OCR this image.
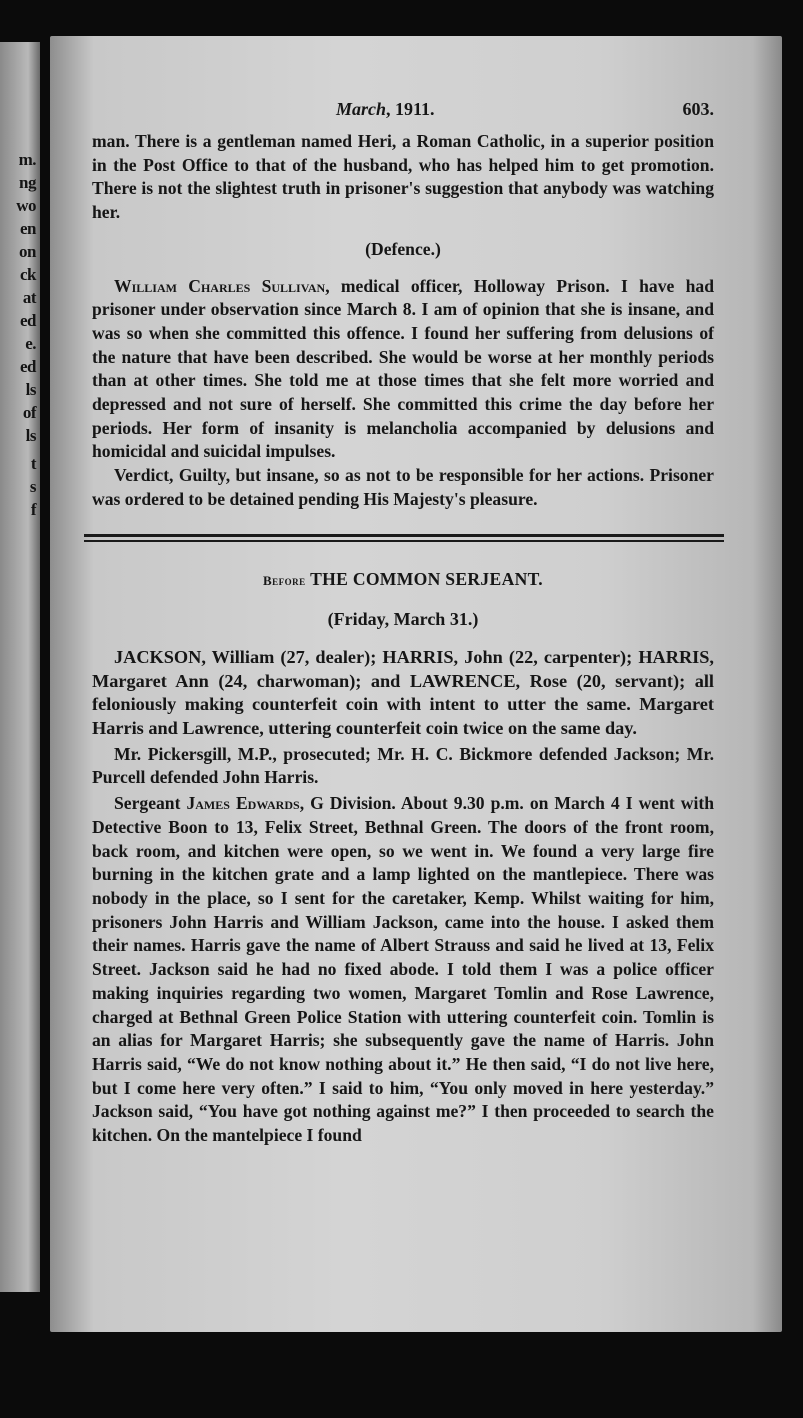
m.
ng
wo
en
on
ck
at
ed
e.
ed
ls
of
ls
t
s
f
March, 1911.	603.

man. There is a gentleman named Heri, a Roman Catholic, in a superior position in the Post Office to that of the husband, who has helped him to get promotion. There is not the slightest truth in prisoner's suggestion that anybody was watching her.

(Defence.)

William Charles Sullivan, medical officer, Holloway Prison. I have had prisoner under observation since March 8. I am of opinion that she is insane, and was so when she committed this offence. I found her suffering from delusions of the nature that have been described. She would be worse at her monthly periods than at other times. She told me at those times that she felt more worried and depressed and not sure of herself. She committed this crime the day before her periods. Her form of insanity is melancholia accompanied by delusions and homicidal and suicidal impulses.

Verdict, Guilty, but insane, so as not to be responsible for her actions. Prisoner was ordered to be detained pending His Majesty's pleasure.

Before THE COMMON SERJEANT.
(Friday, March 31.)

JACKSON, William (27, dealer); HARRIS, John (22, carpenter); HARRIS, Margaret Ann (24, charwoman); and LAWRENCE, Rose (20, servant); all feloniously making counterfeit coin with intent to utter the same. Margaret Harris and Lawrence, uttering counterfeit coin twice on the same day.

Mr. Pickersgill, M.P., prosecuted; Mr. H. C. Bickmore defended Jackson; Mr. Purcell defended John Harris.

Sergeant James Edwards, G Division. About 9.30 p.m. on March 4 I went with Detective Boon to 13, Felix Street, Bethnal Green. The doors of the front room, back room, and kitchen were open, so we went in. We found a very large fire burning in the kitchen grate and a lamp lighted on the mantlepiece. There was nobody in the place, so I sent for the caretaker, Kemp. Whilst waiting for him, prisoners John Harris and William Jackson, came into the house. I asked them their names. Harris gave the name of Albert Strauss and said he lived at 13, Felix Street. Jackson said he had no fixed abode. I told them I was a police officer making inquiries regarding two women, Margaret Tomlin and Rose Lawrence, charged at Bethnal Green Police Station with uttering counterfeit coin. Tomlin is an alias for Margaret Harris; she subsequently gave the name of Harris. John Harris said, “We do not know nothing about it.” He then said, “I do not live here, but I come here very often.” I said to him, “You only moved in here yesterday.” Jackson said, “You have got nothing against me?” I then proceeded to search the kitchen. On the mantelpiece I found
